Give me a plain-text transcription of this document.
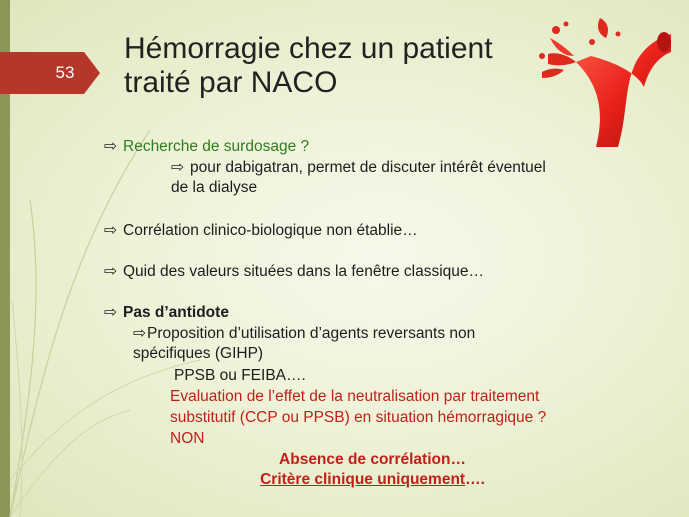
53
Hémorragie chez un patient
traité par NACO
⇨ Recherche de surdosage ?
⇨ pour dabigatran, permet de discuter intérêt éventuel
de la dialyse
⇨ Corrélation clinico-biologique non établie…
⇨ Quid des valeurs situées dans la fenêtre classique…
⇨ Pas d’antidote
⇨Proposition d’utilisation d’agents reversants non
spécifiques (GIHP)
PPSB ou FEIBA….
Evaluation de l’effet de la neutralisation par traitement
substitutif (CCP ou PPSB) en situation hémorragique ?
NON
Absence de corrélation…
Critère clinique uniquement….
